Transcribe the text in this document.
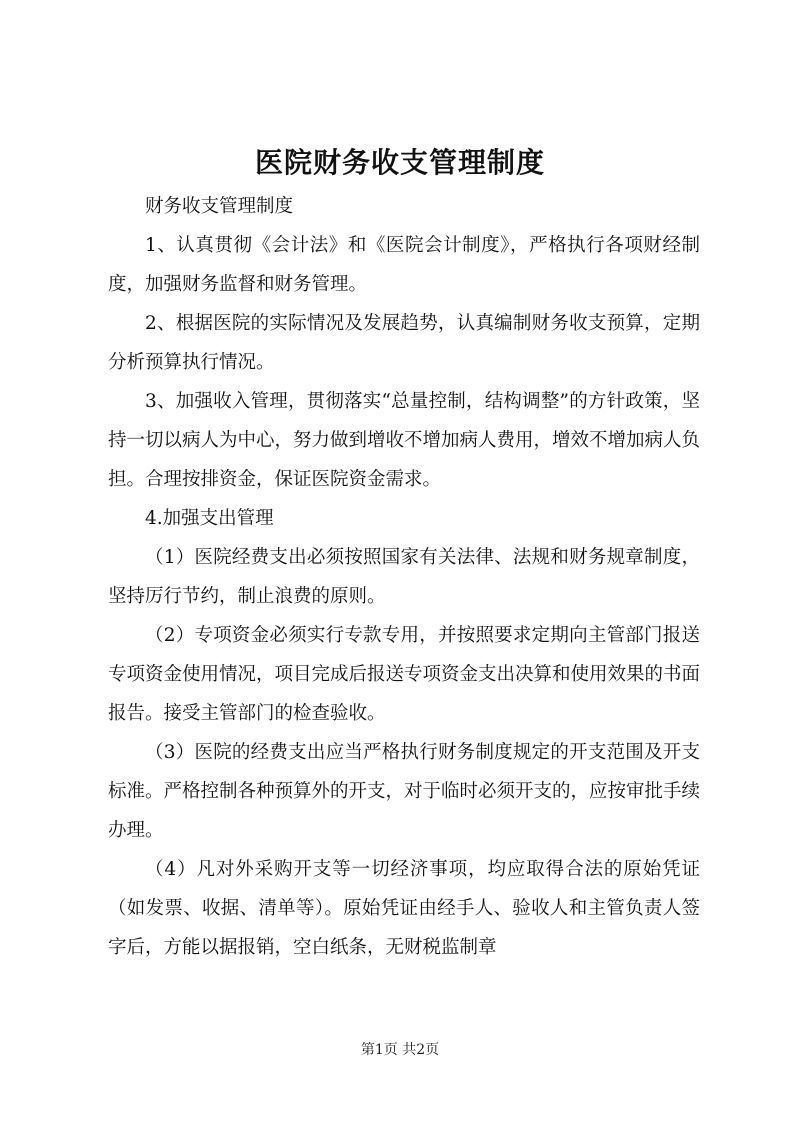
医院财务收支管理制度

财务收支管理制度

1、认真贯彻《会计法》和《医院会计制度》，严格执行各项财经制度，加强财务监督和财务管理。

2、根据医院的实际情况及发展趋势，认真编制财务收支预算，定期分析预算执行情况。

3、加强收入管理，贯彻落实“总量控制，结构调整”的方针政策，坚持一切以病人为中心，努力做到增收不增加病人费用，增效不增加病人负担。合理按排资金，保证医院资金需求。

4.加强支出管理

（1）医院经费支出必须按照国家有关法律、法规和财务规章制度，坚持厉行节约，制止浪费的原则。

（2）专项资金必须实行专款专用，并按照要求定期向主管部门报送专项资金使用情况，项目完成后报送专项资金支出决算和使用效果的书面报告。接受主管部门的检查验收。

（3）医院的经费支出应当严格执行财务制度规定的开支范围及开支标准。严格控制各种预算外的开支，对于临时必须开支的，应按审批手续办理。

（4）凡对外采购开支等一切经济事项，均应取得合法的原始凭证（如发票、收据、清单等）。原始凭证由经手人、验收人和主管负责人签字后，方能以据报销，空白纸条，无财税监制章

第1页 共2页
